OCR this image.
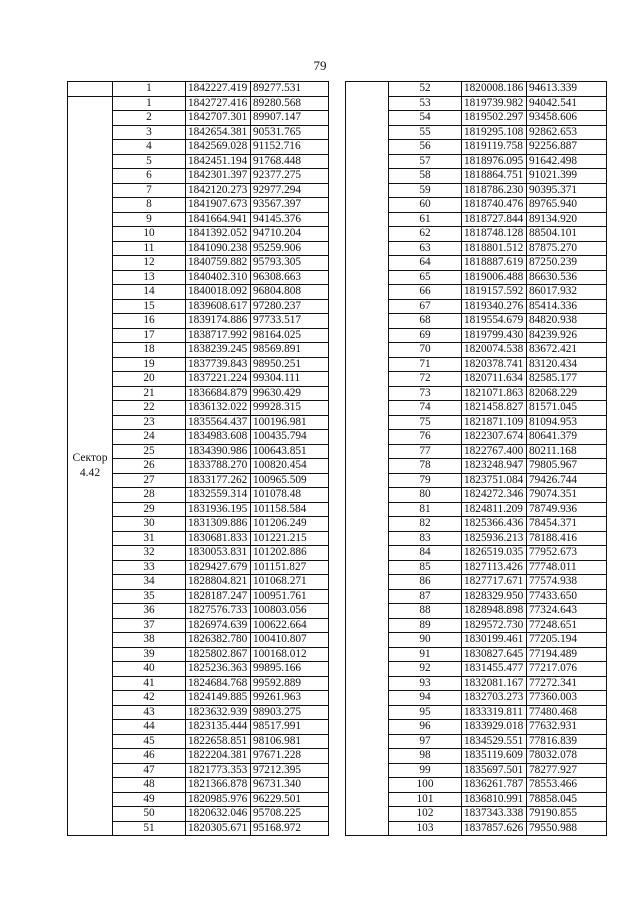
79
	1	1842227.419	89277.531

Сектор
4.42	1	1842727.416	89280.568
	2	1842707.301	89907.147
	3	1842654.381	90531.765
	4	1842569.028	91152.716
	5	1842451.194	91768.448
	6	1842301.397	92377.275
	7	1842120.273	92977.294
	8	1841907.673	93567.397
	9	1841664.941	94145.376
	10	1841392.052	94710.204
	11	1841090.238	95259.906
	12	1840759.882	95793.305
	13	1840402.310	96308.663
	14	1840018.092	96804.808
	15	1839608.617	97280.237
	16	1839174.886	97733.517
	17	1838717.992	98164.025
	18	1838239.245	98569.891
	19	1837739.843	98950.251
	20	1837221.224	99304.111
	21	1836684.879	99630.429
	22	1836132.022	99928.315
	23	1835564.437	100196.981
	24	1834983.608	100435.794
	25	1834390.986	100643.851
	26	1833788.270	100820.454
	27	1833177.262	100965.509
	28	1832559.314	101078.48
	29	1831936.195	101158.584
	30	1831309.886	101206.249
	31	1830681.833	101221.215
	32	1830053.831	101202.886
	33	1829427.679	101151.827
	34	1828804.821	101068.271
	35	1828187.247	100951.761
	36	1827576.733	100803.056
	37	1826974.639	100622.664
	38	1826382.780	100410.807
	39	1825802.867	100168.012
	40	1825236.363	99895.166
	41	1824684.768	99592.889
	42	1824149.885	99261.963
	43	1823632.939	98903.275
	44	1823135.444	98517.991
	45	1822658.851	98106.981
	46	1822204.381	97671.228
	47	1821773.353	97212.395
	48	1821366.878	96731.340
	49	1820985.976	96229.501
	50	1820632.046	95708.225
	51	1820305.671	95168.972
	52	1820008.186	94613.339
	53	1819739.982	94042.541
	54	1819502.297	93458.606
	55	1819295.108	92862.653
	56	1819119.758	92256.887
	57	1818976.095	91642.498
	58	1818864.751	91021.399
	59	1818786.230	90395.371
	60	1818740.476	89765.940
	61	1818727.844	89134.920
	62	1818748.128	88504.101
	63	1818801.512	87875.270
	64	1818887.619	87250.239
	65	1819006.488	86630.536
	66	1819157.592	86017.932
	67	1819340.276	85414.336
	68	1819554.679	84820.938
	69	1819799.430	84239.926
	70	1820074.538	83672.421
	71	1820378.741	83120.434
	72	1820711.634	82585.177
	73	1821071.863	82068.229
	74	1821458.827	81571.045
	75	1821871.109	81094.953
	76	1822307.674	80641.379
	77	1822767.400	80211.168
	78	1823248.947	79805.967
	79	1823751.084	79426.744
	80	1824272.346	79074.351
	81	1824811.209	78749.936
	82	1825366.436	78454.371
	83	1825936.213	78188.416
	84	1826519.035	77952.673
	85	1827113.426	77748.011
	86	1827717.671	77574.938
	87	1828329.950	77433.650
	88	1828948.898	77324.643
	89	1829572.730	77248.651
	90	1830199.461	77205.194
	91	1830827.645	77194.489
	92	1831455.477	77217.076
	93	1832081.167	77272.341
	94	1832703.273	77360.003
	95	1833319.811	77480.468
	96	1833929.018	77632.931
	97	1834529.551	77816.839
	98	1835119.609	78032.078
	99	1835697.501	78277.927
	100	1836261.787	78553.466
	101	1836810.991	78858.045
	102	1837343.338	79190.855
	103	1837857.626	79550.988
